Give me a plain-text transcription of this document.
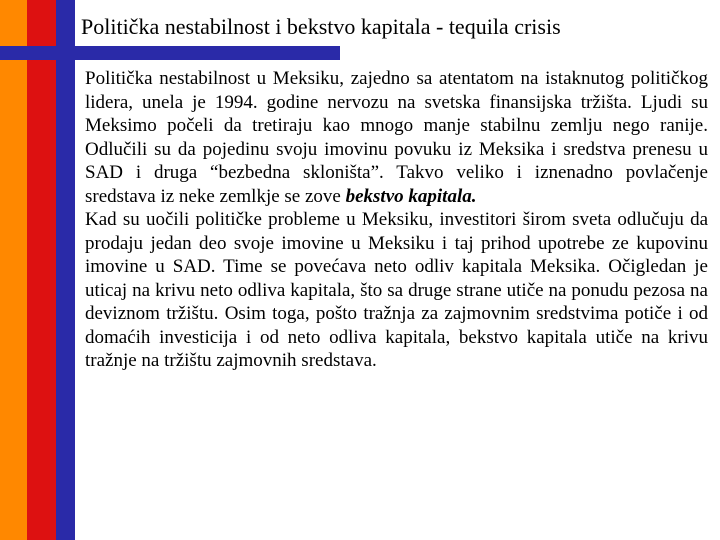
Politička nestabilnost i bekstvo kapitala - tequila crisis

Politička nestabilnost u Meksiku, zajedno sa atentatom na istaknutog političkog lidera, unela je 1994. godine nervozu na svetska finansijska tržišta. Ljudi su Meksimo počeli da tretiraju kao mnogo manje stabilnu zemlju nego ranije. Odlučili su da pojedinu svoju imovinu povuku iz Meksika i sredstva prenesu u SAD i druga “bezbedna skloništa”. Takvo veliko i iznenadno povlačenje sredstava iz neke zemlkje se zove bekstvo kapitala.

Kad su uočili političke probleme u Meksiku, investitori širom sveta odlučuju da prodaju jedan deo svoje imovine u Meksiku i taj prihod upotrebe ze kupovinu imovine u SAD. Time se povećava neto odliv kapitala Meksika. Očigledan je uticaj na krivu neto odliva kapitala, što sa druge strane utiče na ponudu pezosa na deviznom tržištu. Osim toga, pošto tražnja za zajmovnim sredstvima potiče i od domaćih investicija i od neto odliva kapitala, bekstvo kapitala utiče na krivu tražnje na tržištu zajmovnih sredstava.
